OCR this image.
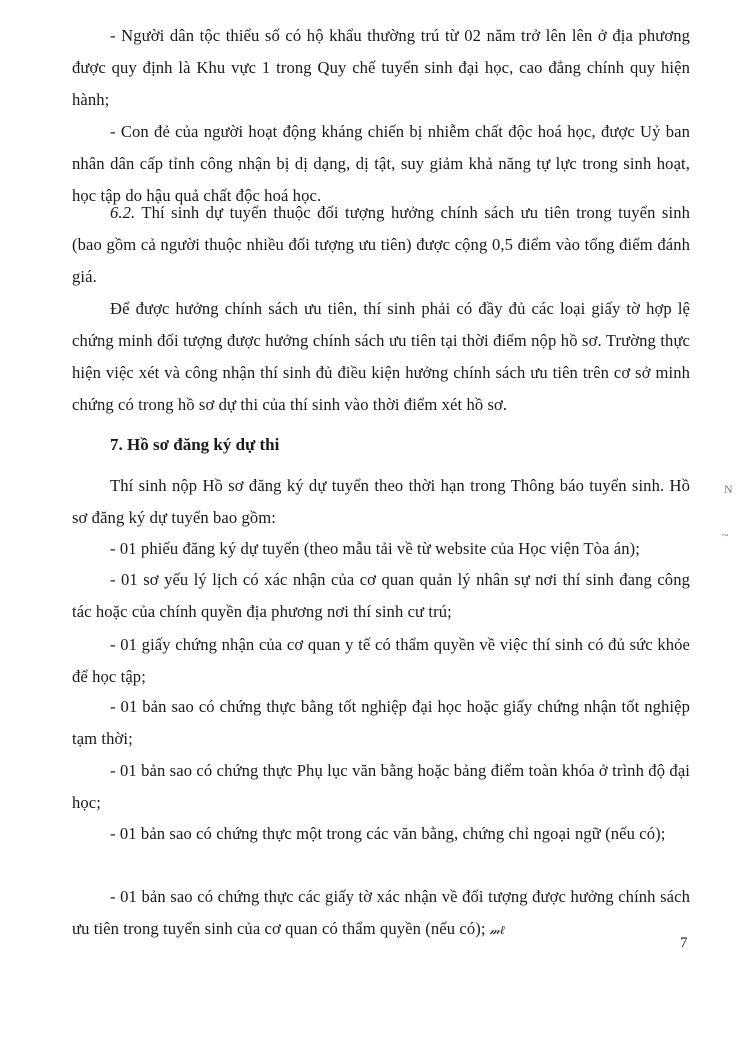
- Người dân tộc thiểu số có hộ khẩu thường trú từ 02 năm trở lên lên ở địa phương được quy định là Khu vực 1 trong Quy chế tuyển sinh đại học, cao đẳng chính quy hiện hành;

- Con đẻ của người hoạt động kháng chiến bị nhiễm chất độc hoá học, được Uỷ ban nhân dân cấp tỉnh công nhận bị dị dạng, dị tật, suy giảm khả năng tự lực trong sinh hoạt, học tập do hậu quả chất độc hoá học.

6.2. Thí sinh dự tuyển thuộc đối tượng hưởng chính sách ưu tiên trong tuyển sinh (bao gồm cả người thuộc nhiều đối tượng ưu tiên) được cộng 0,5 điểm vào tổng điểm đánh giá.

Để được hưởng chính sách ưu tiên, thí sinh phải có đầy đủ các loại giấy tờ hợp lệ chứng minh đối tượng được hưởng chính sách ưu tiên tại thời điểm nộp hồ sơ. Trường thực hiện việc xét và công nhận thí sinh đủ điều kiện hưởng chính sách ưu tiên trên cơ sở minh chứng có trong hồ sơ dự thi của thí sinh vào thời điểm xét hồ sơ.

7. Hồ sơ đăng ký dự thi

Thí sinh nộp Hồ sơ đăng ký dự tuyển theo thời hạn trong Thông báo tuyển sinh. Hồ sơ đăng ký dự tuyển bao gồm:

- 01 phiếu đăng ký dự tuyển (theo mẫu tải về từ website của Học viện Tòa án);

- 01 sơ yếu lý lịch có xác nhận của cơ quan quản lý nhân sự nơi thí sinh đang công tác hoặc của chính quyền địa phương nơi thí sinh cư trú;

- 01 giấy chứng nhận của cơ quan y tế có thẩm quyền về việc thí sinh có đủ sức khỏe để học tập;

- 01 bản sao có chứng thực bằng tốt nghiệp đại học hoặc giấy chứng nhận tốt nghiệp tạm thời;

- 01 bản sao có chứng thực Phụ lục văn bằng hoặc bảng điểm toàn khóa ở trình độ đại học;

- 01 bản sao có chứng thực một trong các văn bằng, chứng chỉ ngoại ngữ (nếu có);

- 01 bản sao có chứng thực các giấy tờ xác nhận về đối tượng được hưởng chính sách ưu tiên trong tuyển sinh của cơ quan có thẩm quyền (nếu có); 𝓂ℓ

7
N
~
